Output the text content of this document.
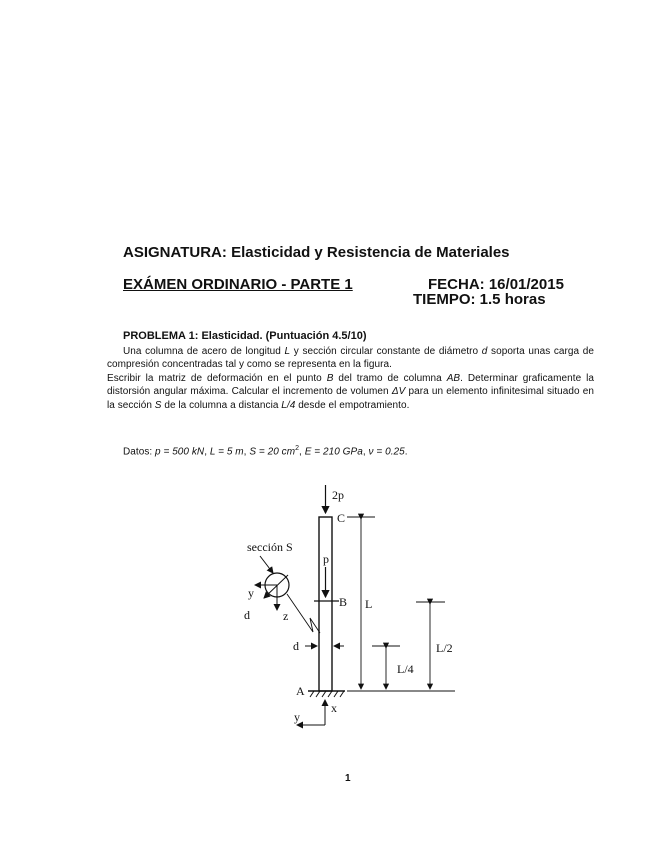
ASIGNATURA: Elasticidad y Resistencia de Materiales
EXÁMEN ORDINARIO - PARTE 1	FECHA: 16/01/2015
TIEMPO: 1.5 horas
PROBLEMA 1: Elasticidad. (Puntuación 4.5/10)
Una columna de acero de longitud L y sección circular constante de diámetro d soporta unas carga de compresión concentradas tal y como se representa en la figura.
Escribir la matriz de deformación en el punto B del tramo de columna AB. Determinar graficamente la distorsión angular máxima. Calcular el incremento de volumen ΔV para un elemento infinitesimal situado en la sección S de la columna a distancia L/4 desde el empotramiento.
Datos: p = 500 kN, L = 5 m, S = 20 $cm^2$, E = 210 GPa, ν = 0.25.
2p
p
C
B
A
L
L/2
L/4
d
sección S
y
z
d
x
y
1
